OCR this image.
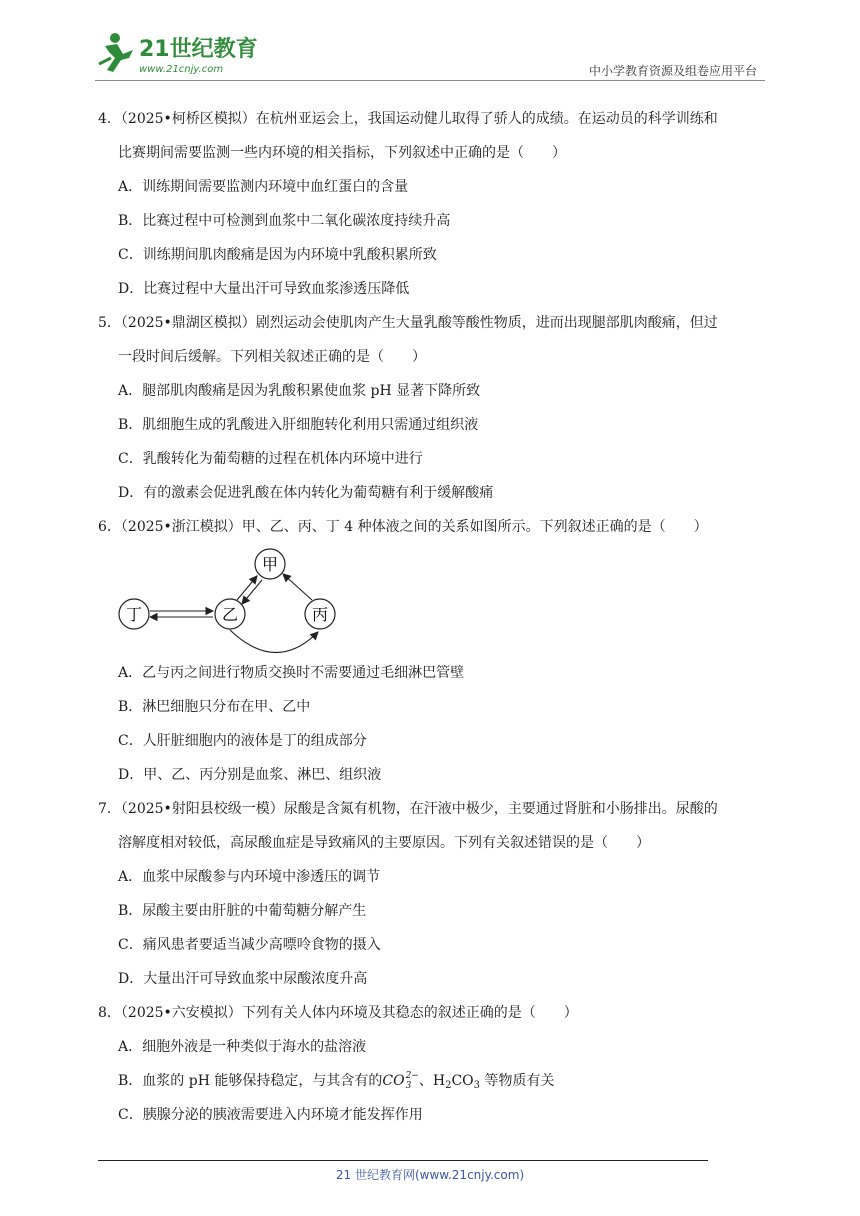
21世纪教育
www.21cnjy.com	中小学教育资源及组卷应用平台
4．（2025•柯桥区模拟）在杭州亚运会上，我国运动健儿取得了骄人的成绩。在运动员的科学训练和
比赛期间需要监测一些内环境的相关指标，下列叙述中正确的是（　　）
A．训练期间需要监测内环境中血红蛋白的含量
B．比赛过程中可检测到血浆中二氧化碳浓度持续升高
C．训练期间肌肉酸痛是因为内环境中乳酸积累所致
D．比赛过程中大量出汗可导致血浆渗透压降低
5．（2025•鼎湖区模拟）剧烈运动会使肌肉产生大量乳酸等酸性物质，进而出现腿部肌肉酸痛，但过
一段时间后缓解。下列相关叙述正确的是（　　）
A．腿部肌肉酸痛是因为乳酸积累使血浆 pH 显著下降所致
B．肌细胞生成的乳酸进入肝细胞转化利用只需通过组织液
C．乳酸转化为葡萄糖的过程在机体内环境中进行
D．有的激素会促进乳酸在体内转化为葡萄糖有利于缓解酸痛
6．（2025•浙江模拟）甲、乙、丙、丁 4 种体液之间的关系如图所示。下列叙述正确的是（　　）
甲
乙	丙
丁
A．乙与丙之间进行物质交换时不需要通过毛细淋巴管壁
B．淋巴细胞只分布在甲、乙中
C．人肝脏细胞内的液体是丁的组成部分
D．甲、乙、丙分别是血浆、淋巴、组织液
7．（2025•射阳县校级一模）尿酸是含氮有机物，在汗液中极少，主要通过肾脏和小肠排出。尿酸的
溶解度相对较低，高尿酸血症是导致痛风的主要原因。下列有关叙述错误的是（　　）
A．血浆中尿酸参与内环境中渗透压的调节
B．尿酸主要由肝脏的中葡萄糖分解产生
C．痛风患者要适当减少高嘌呤食物的摄入
D．大量出汗可导致血浆中尿酸浓度升高
8．（2025•六安模拟）下列有关人体内环境及其稳态的叙述正确的是（　　）
A．细胞外液是一种类似于海水的盐溶液
B．血浆的 pH 能够保持稳定，与其含有的CO 2−
3 、$H_2CO_3$ 等物质有关
C．胰腺分泌的胰液需要进入内环境才能发挥作用
21 世纪教育网(www.21cnjy.com)
